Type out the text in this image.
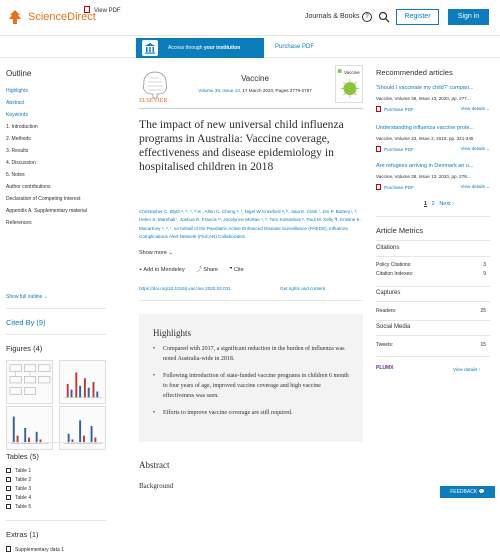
ScienceDirect	Journals & Books ?	Register	Sign in
View PDF
Access through your institution	Purchase PDF
Outline
Highlights
Abstract
Keywords
1. Introduction
2. Methods
3. Results
4. Discussion
5. Notes
Author contributions
Declaration of Competing Interest
Appendix A. Supplementary material
References
Show full outline ⌄
Cited By (9)
Figures (4)
Tables (5)
Table 1
Table 2
Table 3
Table 4
Table 5
Extras (1)
Supplementary data 1
ELSEVIER
Vaccine
Volume 38, Issue 13, 17 March 2020, Pages 2779-2787
Vaccine
The impact of new universal child influenza programs in Australia: Vaccine coverage, effectiveness and disease epidemiology in hospitalised children in 2018
Christopher C. Blyth ᵃ, ᵇ, ᶜ, ᵈ ✉ , Allen C. Cheng ᵉ, ᶠ, Nigel W Crawford ᵍ, ʰ, Julia E. Clark ⁱ, Jim P. Buttery ʲ, ᵏ, Helen S. Marshall ˡ, Joshua R. Francis ᵐ, Jocelynne McRae ⁿ, ᵒ, Tom Kotsimbos ᵖ, Paul M. Kelly ᑫ, Kristine K. Macartney ⁿ, ᵒ, ʳ, on behalf of the Paediatric Active Enhanced Disease Surveillance (PAEDS), Influenza Complications Alert Network (FluCAN) Collaboration
Show more ⌄
+ Add to Mendeley ⤴ Share ❞ Cite
https://doi.org/10.1016/j.vaccine.2020.02.031	Get rights and content
Highlights
• Compared with 2017, a significant reduction in the burden of influenza was noted Australia-wide in 2018.
• Following introduction of state-funded vaccine programs in children 6 month to four years of age, improved vaccine coverage and high vaccine effectiveness was seen.
• Efforts to improve vaccine coverage are still required.
Abstract
Background
Recommended articles
'Should I vaccinate my child?' compari...
Vaccine, Volume 38, Issue 13, 2020, pp. 277...
Purchase PDF	View details ⌄
Understanding influenza vaccine prote...
Vaccine, Volume 33, Issue 2, 2015, pp. 341-345
Purchase PDF	View details ⌄
Are refugees arriving in Denmark an u...
Vaccine, Volume 38, Issue 13, 2020, pp. 278...
Purchase PDF	View details ⌄
1 2 Next ›
Article Metrics
Citations
Policy Citations:	3
Citation Indexes:	9
Captures
Readers:	25
Social Media
Tweets:	15
PLUMX	View details ›
FEEDBACK 💬
